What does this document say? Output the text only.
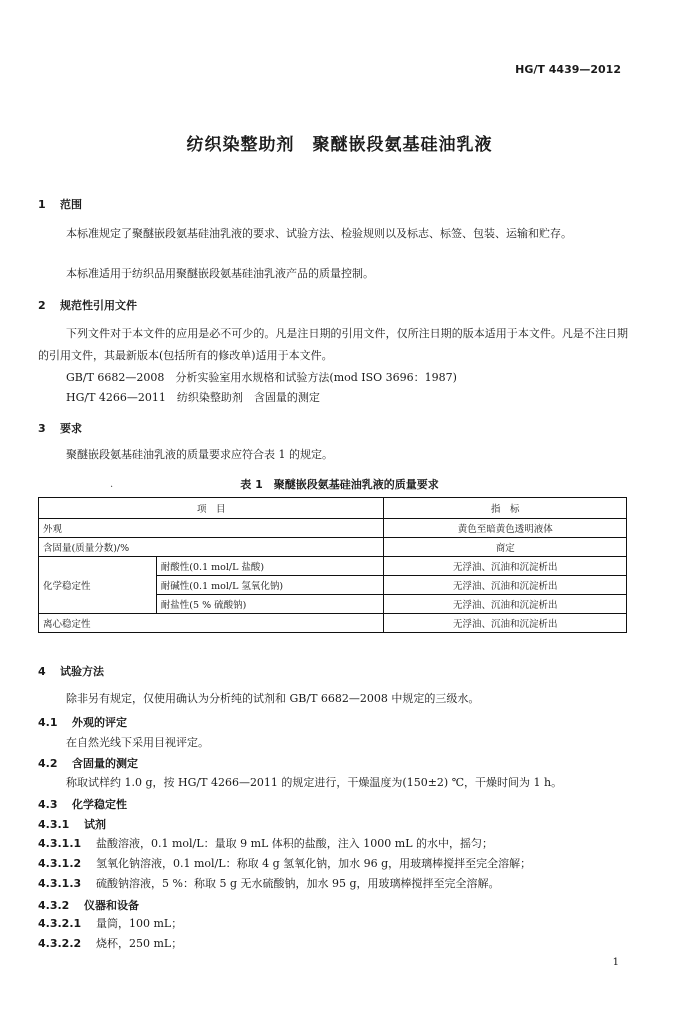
HG/T 4439—2012
纺织染整助剂　聚醚嵌段氨基硅油乳液
1 范围
本标准规定了聚醚嵌段氨基硅油乳液的要求、试验方法、检验规则以及标志、标签、包装、运输和贮存。
本标准适用于纺织品用聚醚嵌段氨基硅油乳液产品的质量控制。
2 规范性引用文件
下列文件对于本文件的应用是必不可少的。凡是注日期的引用文件，仅所注日期的版本适用于本文件。凡是不注日期的引用文件，其最新版本(包括所有的修改单)适用于本文件。
GB/T 6682—2008　分析实验室用水规格和试验方法(mod ISO 3696：1987)
HG/T 4266—2011　纺织染整助剂　含固量的测定
3 要求
聚醚嵌段氨基硅油乳液的质量要求应符合表 1 的规定。
·	表 1　聚醚嵌段氨基硅油乳液的质量要求
项　目		指　标
外观		黄色至暗黄色透明液体
含固量(质量分数)/%		商定
化学稳定性	耐酸性(0.1 mol/L 盐酸)	无浮油、沉油和沉淀析出
	耐碱性(0.1 mol/L 氢氧化钠)	无浮油、沉油和沉淀析出
	耐盐性(5 % 硫酸钠)	无浮油、沉油和沉淀析出
离心稳定性		无浮油、沉油和沉淀析出
4 试验方法
除非另有规定，仅使用确认为分析纯的试剂和 GB/T 6682—2008 中规定的三级水。
4.1 外观的评定
在自然光线下采用目视评定。
4.2 含固量的测定
称取试样约 1.0 g，按 HG/T 4266—2011 的规定进行，干燥温度为(150±2) ℃，干燥时间为 1 h。
4.3 化学稳定性
4.3.1 试剂
4.3.1.1 盐酸溶液，0.1 mol/L：量取 9 mL 体积的盐酸，注入 1000 mL 的水中，摇匀；
4.3.1.2 氢氧化钠溶液，0.1 mol/L：称取 4 g 氢氧化钠，加水 96 g，用玻璃棒搅拌至完全溶解；
4.3.1.3 硫酸钠溶液，5 %：称取 5 g 无水硫酸钠，加水 95 g，用玻璃棒搅拌至完全溶解。
4.3.2 仪器和设备
4.3.2.1 量筒，100 mL；
4.3.2.2 烧杯，250 mL；
1
